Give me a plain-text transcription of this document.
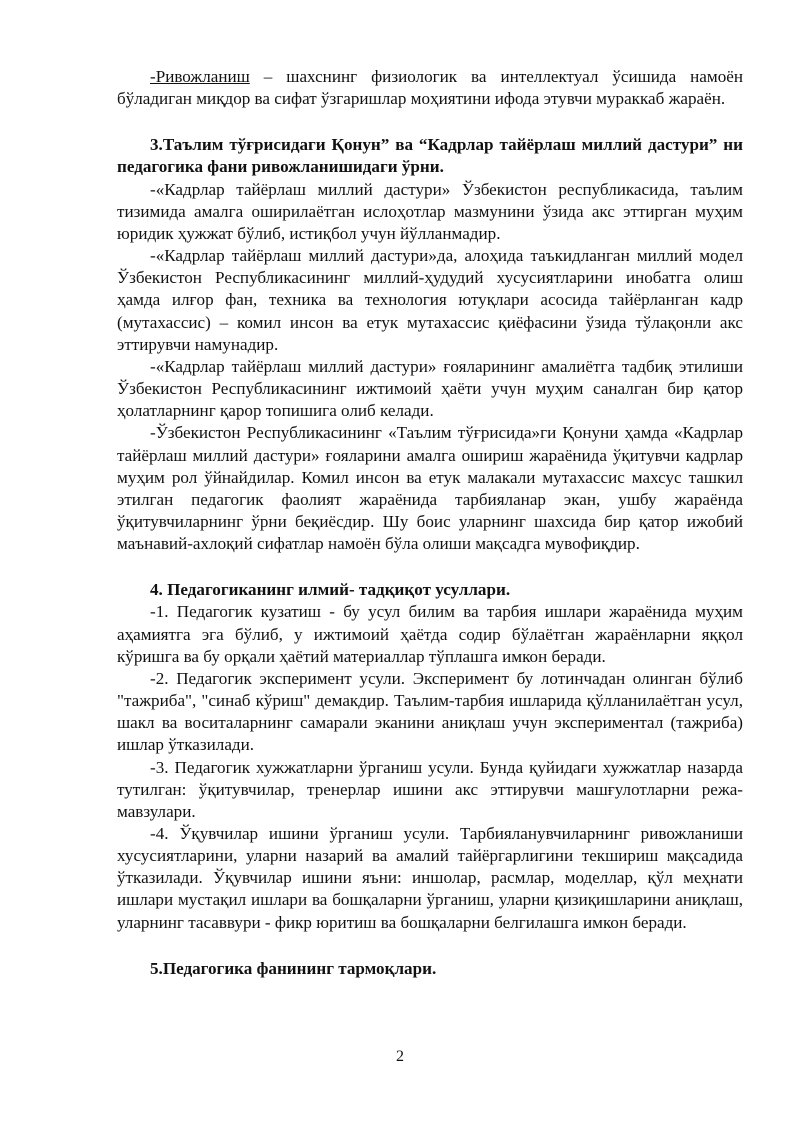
-Ривожланиш – шахснинг физиологик ва интеллектуал ўсишида намоён бўладиган миқдор ва сифат ўзгаришлар моҳиятини ифода этувчи мураккаб жараён.

3.Таълим тўғрисидаги Қонун” ва “Кадрлар тайёрлаш миллий дастури” ни педагогика фани ривожланишидаги ўрни.

-«Кадрлар тайёрлаш миллий дастури» Ўзбекистон республикасида, таълим тизимида амалга оширилаётган ислоҳотлар мазмунини ўзида акс эттирган муҳим юридик ҳужжат бўлиб, истиқбол учун йўлланмадир.

-«Кадрлар тайёрлаш миллий дастури»да, алоҳида таъкидланган миллий модел Ўзбекистон Республикасининг миллий-ҳудудий хусусиятларини инобатга олиш ҳамда илғор фан, техника ва технология ютуқлари асосида тайёрланган кадр (мутахассис) – комил инсон ва етук мутахассис қиёфасини ўзида тўлақонли акс эттирувчи намунадир.

-«Кадрлар тайёрлаш миллий дастури» ғояларининг амалиётга тадбиқ этилиши Ўзбекистон Республикасининг ижтимоий ҳаёти учун муҳим саналган бир қатор ҳолатларнинг қарор топишига олиб келади.

-Ўзбекистон Республикасининг «Таълим тўғрисида»ги Қонуни ҳамда «Кадрлар тайёрлаш миллий дастури» ғояларини амалга ошириш жараёнида ўқитувчи кадрлар муҳим рол ўйнайдилар. Комил инсон ва етук малакали мутахассис махсус ташкил этилган педагогик фаолият жараёнида тарбияланар экан, ушбу жараёнда ўқитувчиларнинг ўрни беқиёсдир. Шу боис уларнинг шахсида бир қатор ижобий маънавий-ахлоқий сифатлар намоён бўла олиши мақсадга мувофиқдир.

4. Педагогиканинг илмий- тадқиқот усуллари.

-1. Педагогик кузатиш - бу усул билим ва тарбия ишлари жараёнида муҳим аҳамиятга эга бўлиб, у ижтимоий ҳаётда содир бўлаётган жараёнларни яққол кўришга ва бу орқали ҳаётий материаллар тўплашга имкон беради.

-2. Педагогик эксперимент усули. Эксперимент бу лотинчадан олинган бўлиб "тажриба", "синаб кўриш" демакдир. Таълим-тарбия ишларида қўлланилаётган усул, шакл ва воситаларнинг самарали эканини аниқлаш учун экспериментал (тажриба) ишлар ўтказилади.

-3. Педагогик хужжатларни ўрганиш усули. Бунда қуйидаги хужжатлар назарда тутилган: ўқитувчилар, тренерлар ишини акс эттирувчи машғулотларни режа-мавзулари.

-4. Ўқувчилар ишини ўрганиш усули. Тарбияланувчиларнинг ривожланиши хусусиятларини, уларни назарий ва амалий тайёргарлигини текшириш мақсадида ўтказилади. Ўқувчилар ишини яъни: иншолар, расмлар, моделлар, қўл меҳнати ишлари мустақил ишлари ва бошқаларни ўрганиш, уларни қизиқишларини аниқлаш, уларнинг тасаввури - фикр юритиш ва бошқаларни белгилашга имкон беради.

5.Педагогика фанининг тармоқлари.
2
